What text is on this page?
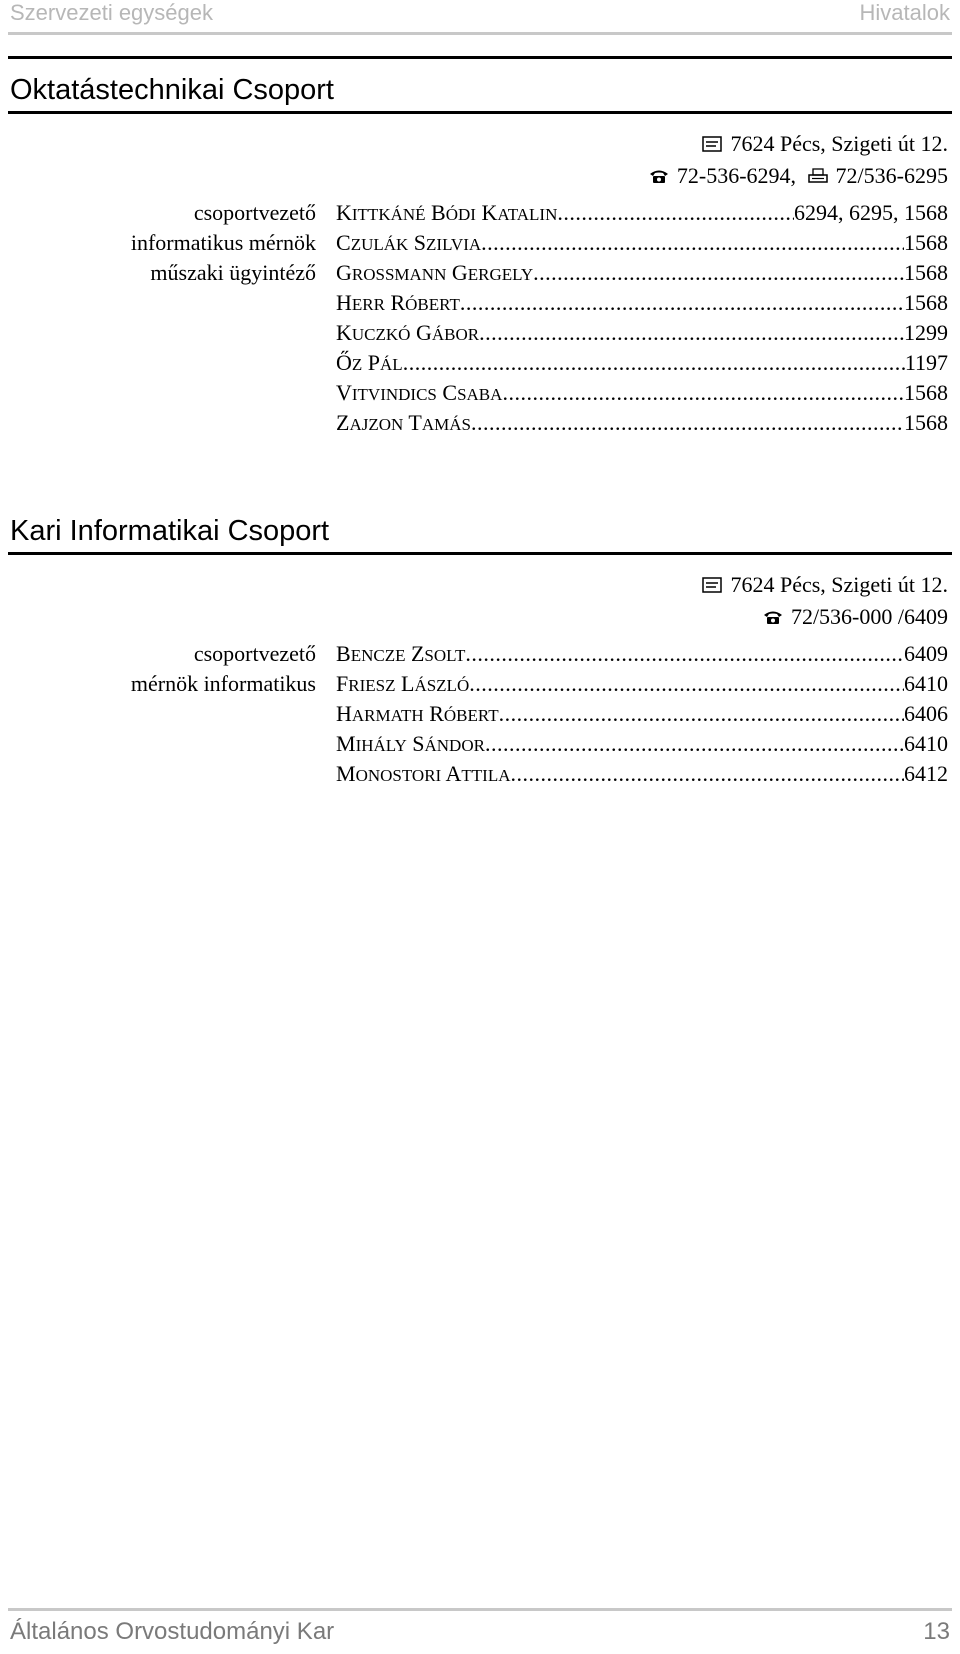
Szervezeti egységek	Hivatalok
Oktatástechnikai Csoport
7624 Pécs, Szigeti út 12.
72-536-6294, 72/536-6295
csoportvezető KITTKÁNÉ BÓDI KATALIN .....	6294, 6295, 1568
informatikus mérnök CZULÁK SZILVIA .....	1568
műszaki ügyintéző GROSSMANN GERGELY .....	1568
HERR RÓBERT .....	1568
KUCZKÓ GÁBOR .....	1299
ŐZ PÁL .....	1197
VITVINDICS CSABA .....	1568
ZAJZON TAMÁS .....	1568
Kari Informatikai Csoport
7624 Pécs, Szigeti út 12.
72/536-000 /6409
csoportvezető BENCZE ZSOLT .....	6409
mérnök informatikus FRIESZ LÁSZLÓ .....	6410
HARMATH RÓBERT .....	6406
MIHÁLY SÁNDOR .....	6410
MONOSTORI ATTILA .....	6412
Általános Orvostudományi Kar	13
